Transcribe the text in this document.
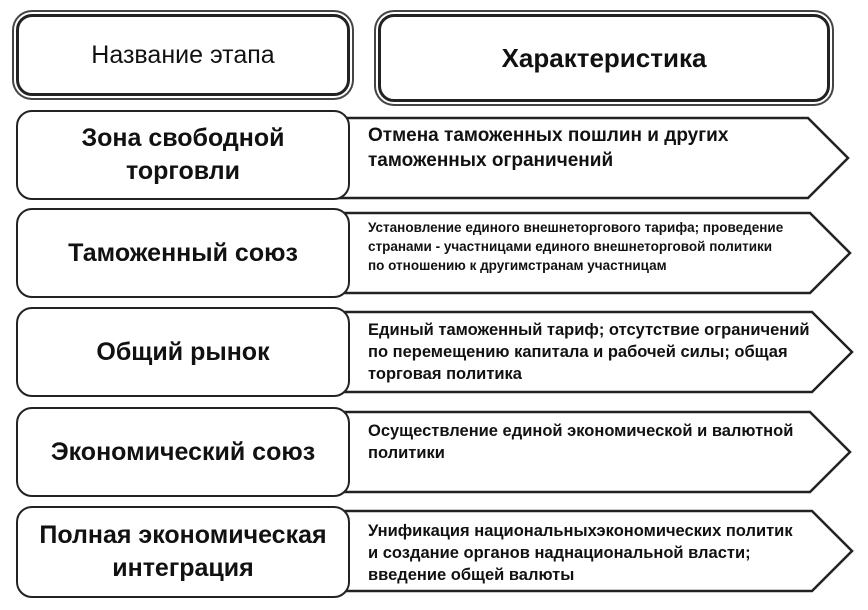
Название этапа	Характеристика
Зона свободной
торговли
Таможенный союз
Общий рынок
Экономический союз
Полная экономическая
интеграция
Отмена таможенных пошлин и других
таможенных ограничений
Установление единого внешнеторгового тарифа; проведение
странами - участницами единого внешнеторговой политики
по отношению к другимстранам участницам
Единый таможенный тариф; отсутствие ограничений
по перемещению капитала и рабочей силы; общая
торговая политика
Осуществление единой экономической и валютной
политики
Унификация национальныхэкономических политик
и создание органов наднациональной власти;
введение общей валюты
